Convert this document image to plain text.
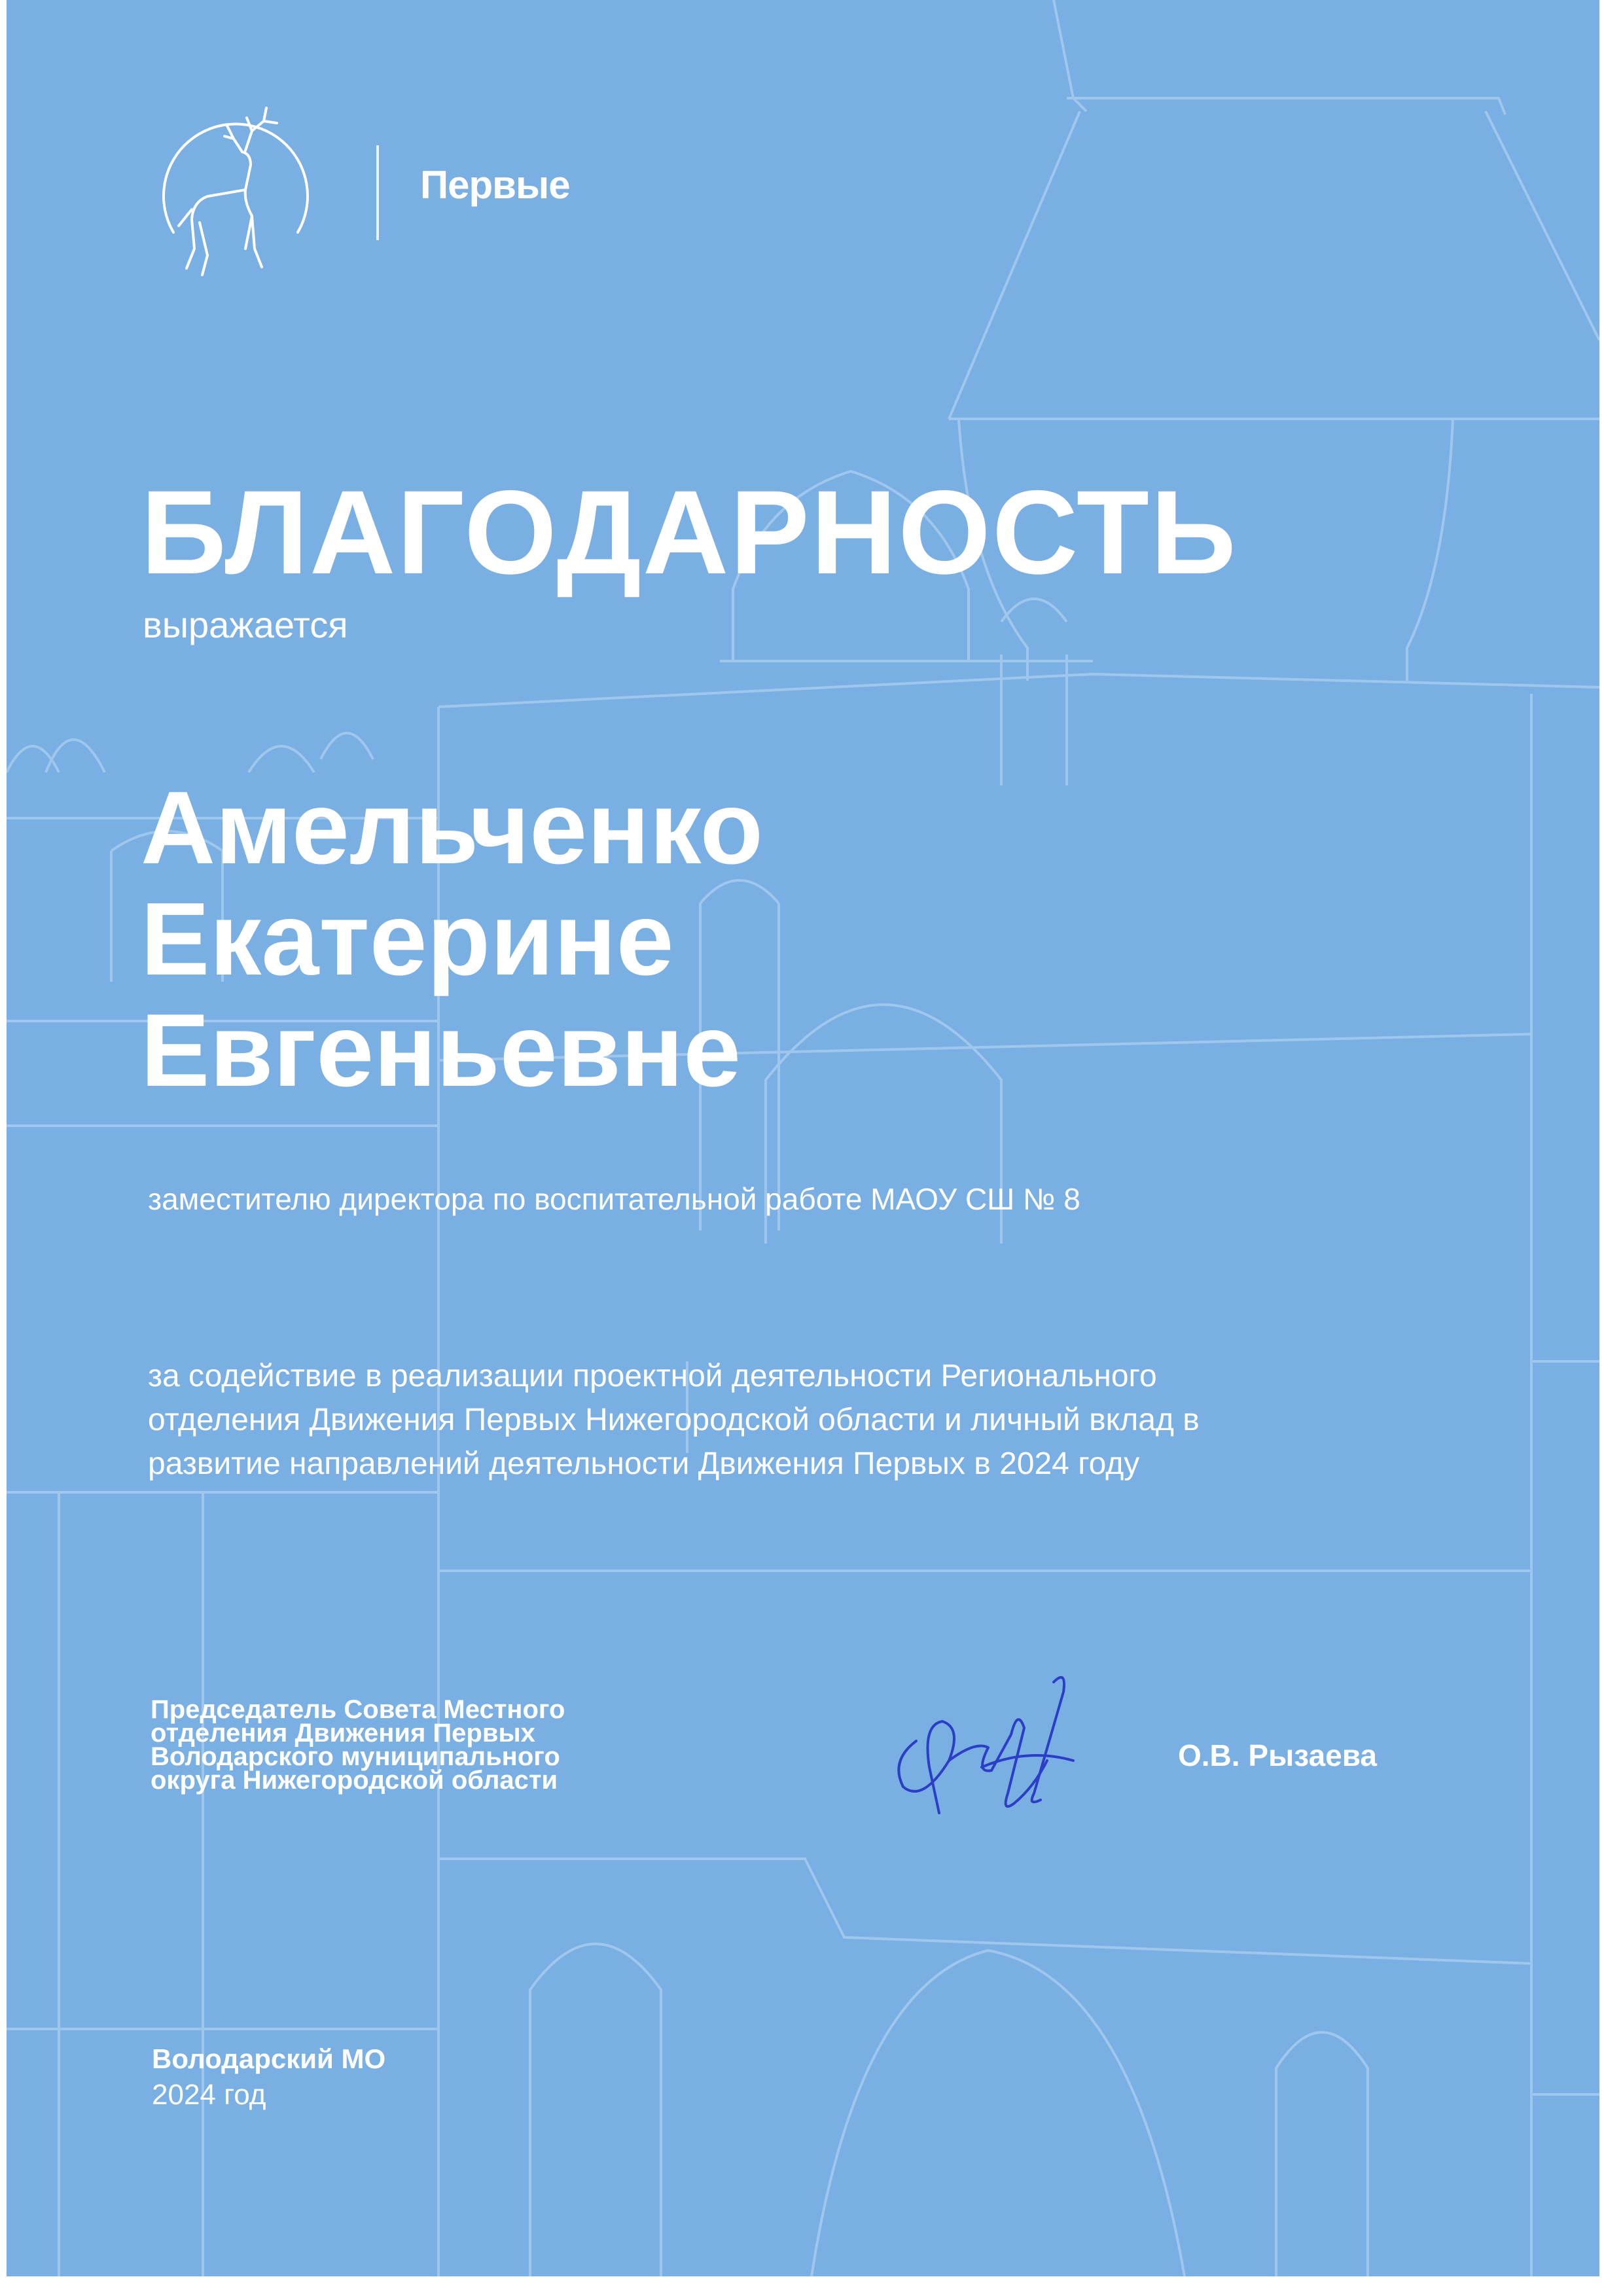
Первые

БЛАГОДАРНОСТЬ

выражается

Амельченко

Екатерине

Евгеньевне

заместителю директора по воспитательной работе МАОУ СШ № 8

за содействие в реализации проектной деятельности Регионального

отделения Движения Первых Нижегородской области и личный вклад в

развитие направлений деятельности Движения Первых в 2024 году

Председатель Совета Местного

отделения Движения Первых

Володарского муниципального

округа Нижегородской области

О.В. Рызаева

Володарский МО

2024 год
